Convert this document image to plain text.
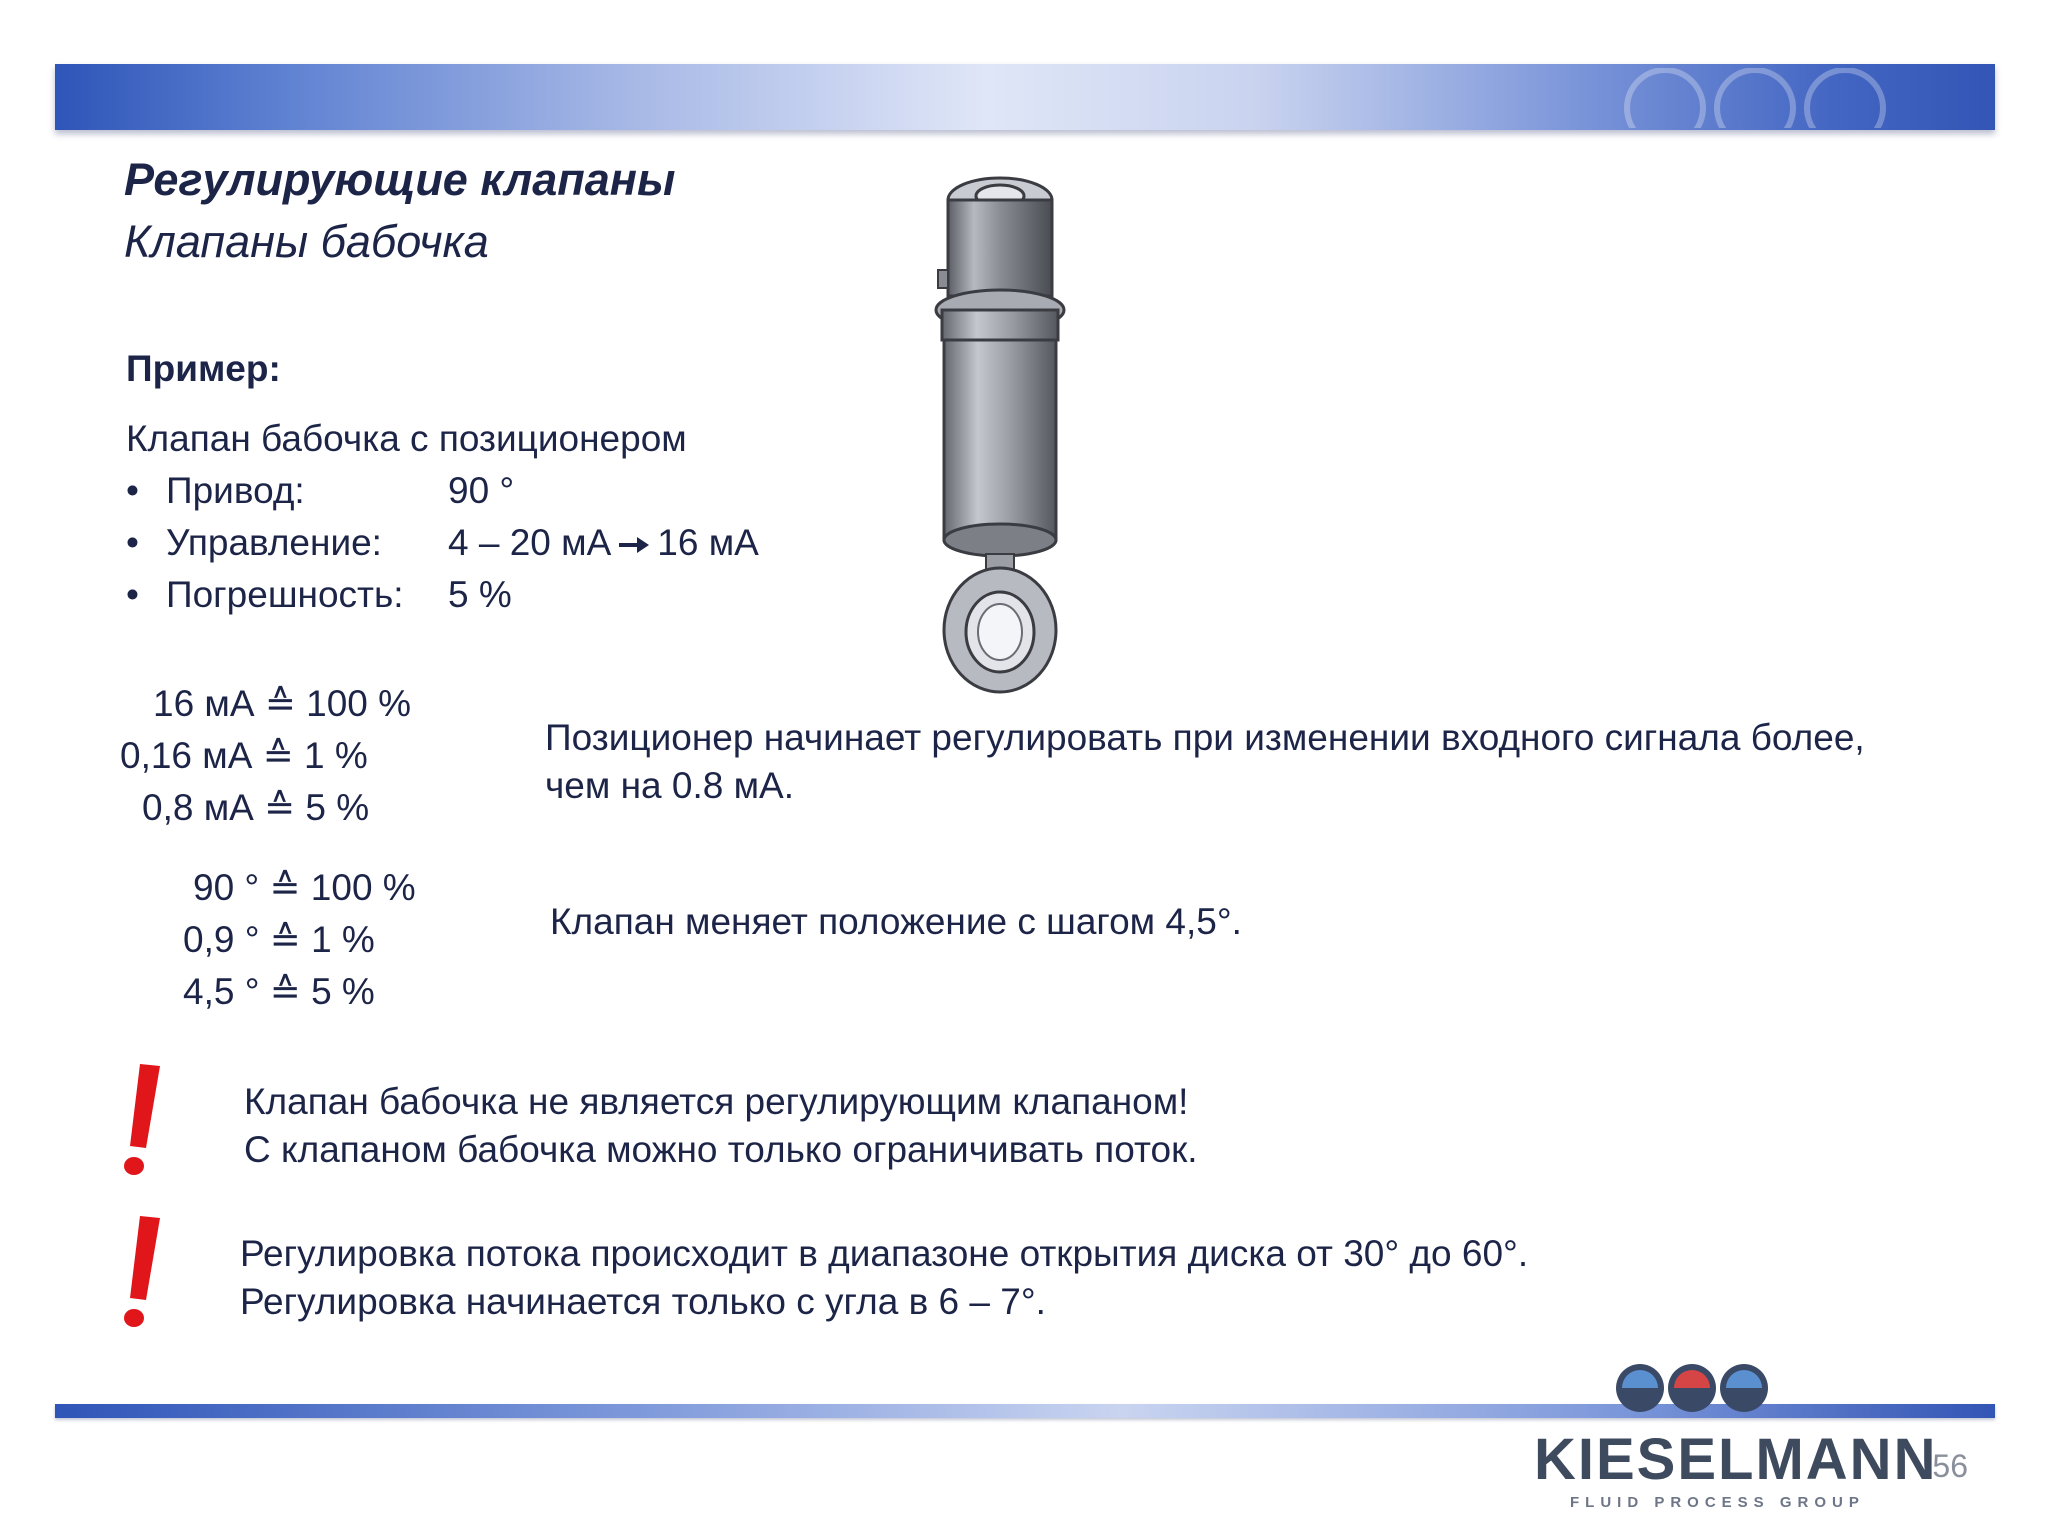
Регулирующие клапаны
Клапаны бабочка
Пример:
Клапан бабочка с позиционером
• Привод:	90 °
• Управление: 4 – 20 мА 16 мА
• Погрешность: 5 %
16 мА ≙ 100 %
0,16 мА ≙ 1 %
0,8 мА ≙ 5 %
Позиционер начинает регулировать при изменении входного сигнала более,
чем на 0.8 мА.
90 ° ≙ 100 %
0,9 ° ≙ 1 %
4,5 ° ≙ 5 %
Клапан меняет положение с шагом 4,5°.
Клапан бабочка не является регулирующим клапаном!
С клапаном бабочка можно только ограничивать поток.
Регулировка потока происходит в диапазоне открытия диска от 30° до 60°.
Регулировка начинается только с угла в 6 – 7°.
KIESELMANN
FLUID PROCESS GROUP
56
